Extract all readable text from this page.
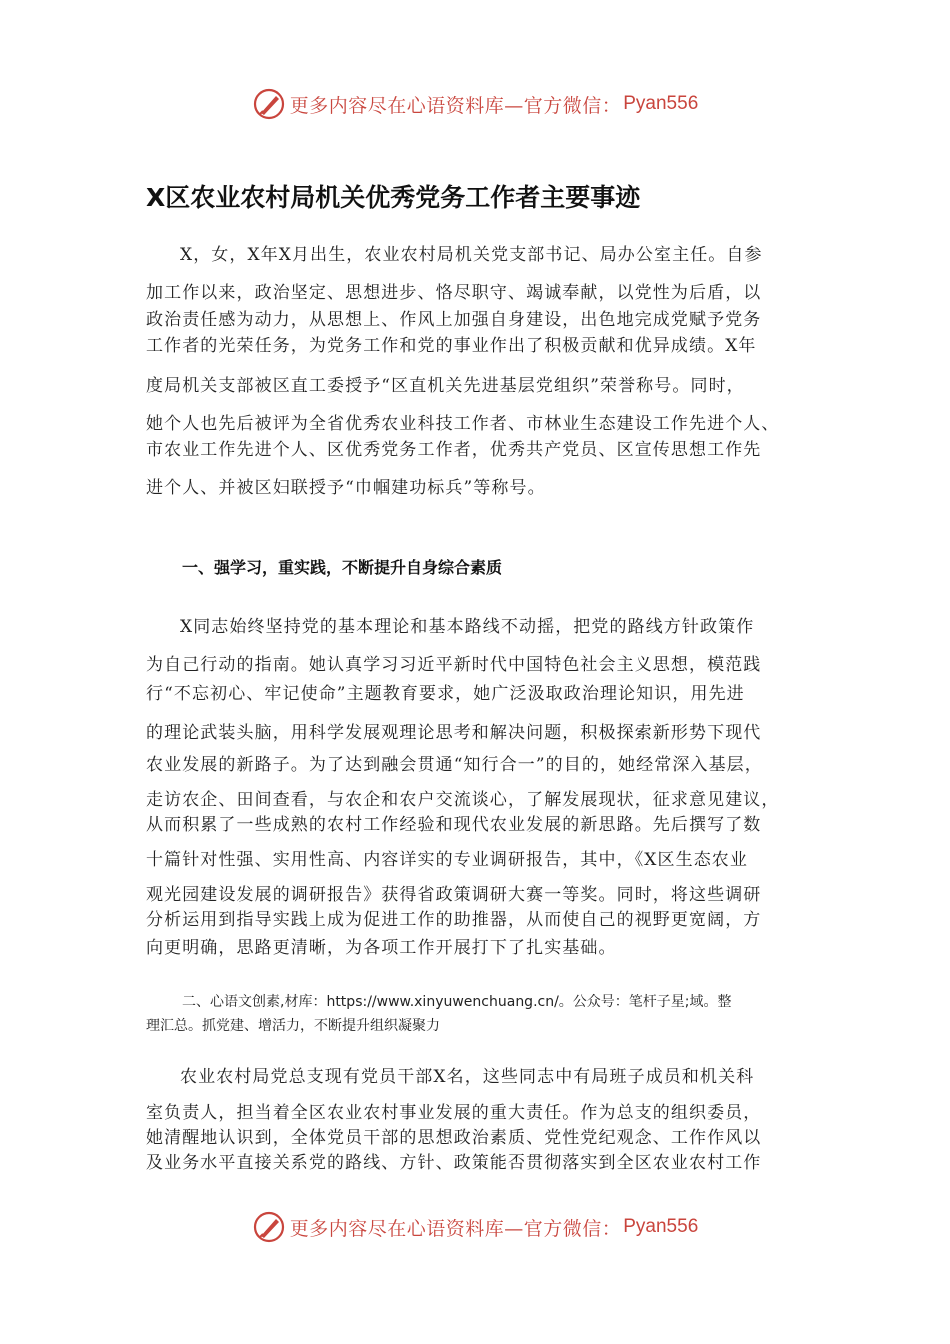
更多内容尽在心语资料库—官方微信： Pyan556
X区农业农村局机关优秀党务工作者主要事迹
X，女，X年X月出生，农业农村局机关党支部书记、局办公室主任。自参
加工作以来，政治坚定、思想进步、恪尽职守、竭诚奉献，以党性为后盾，以
政治责任感为动力，从思想上、作风上加强自身建设，出色地完成党赋予党务
工作者的光荣任务，为党务工作和党的事业作出了积极贡献和优异成绩。X年
度局机关支部被区直工委授予“区直机关先进基层党组织”荣誉称号。同时，
她个人也先后被评为全省优秀农业科技工作者、市林业生态建设工作先进个人、
市农业工作先进个人、区优秀党务工作者，优秀共产党员、区宣传思想工作先
进个人、并被区妇联授予“巾帼建功标兵”等称号。
一、强学习，重实践，不断提升自身综合素质
X同志始终坚持党的基本理论和基本路线不动摇，把党的路线方针政策作
为自己行动的指南。她认真学习习近平新时代中国特色社会主义思想，模范践
行“不忘初心、牢记使命”主题教育要求，她广泛汲取政治理论知识，用先进
的理论武装头脑，用科学发展观理论思考和解决问题，积极探索新形势下现代
农业发展的新路子。为了达到融会贯通“知行合一”的目的，她经常深入基层，
走访农企、田间查看，与农企和农户交流谈心，了解发展现状，征求意见建议，
从而积累了一些成熟的农村工作经验和现代农业发展的新思路。先后撰写了数
十篇针对性强、实用性高、内容详实的专业调研报告，其中，《X区生态农业
观光园建设发展的调研报告》获得省政策调研大赛一等奖。同时，将这些调研
分析运用到指导实践上成为促进工作的助推器，从而使自己的视野更宽阔，方
向更明确，思路更清晰，为各项工作开展打下了扎实基础。
二、心语文创素,材库：https://www.xinyuwenchuang.cn/。公众号：笔杆子星;域。整
理汇总。抓党建、增活力，不断提升组织凝聚力
农业农村局党总支现有党员干部X名，这些同志中有局班子成员和机关科
室负责人，担当着全区农业农村事业发展的重大责任。作为总支的组织委员，
她清醒地认识到，全体党员干部的思想政治素质、党性党纪观念、工作作风以
及业务水平直接关系党的路线、方针、政策能否贯彻落实到全区农业农村工作
更多内容尽在心语资料库—官方微信： Pyan556
